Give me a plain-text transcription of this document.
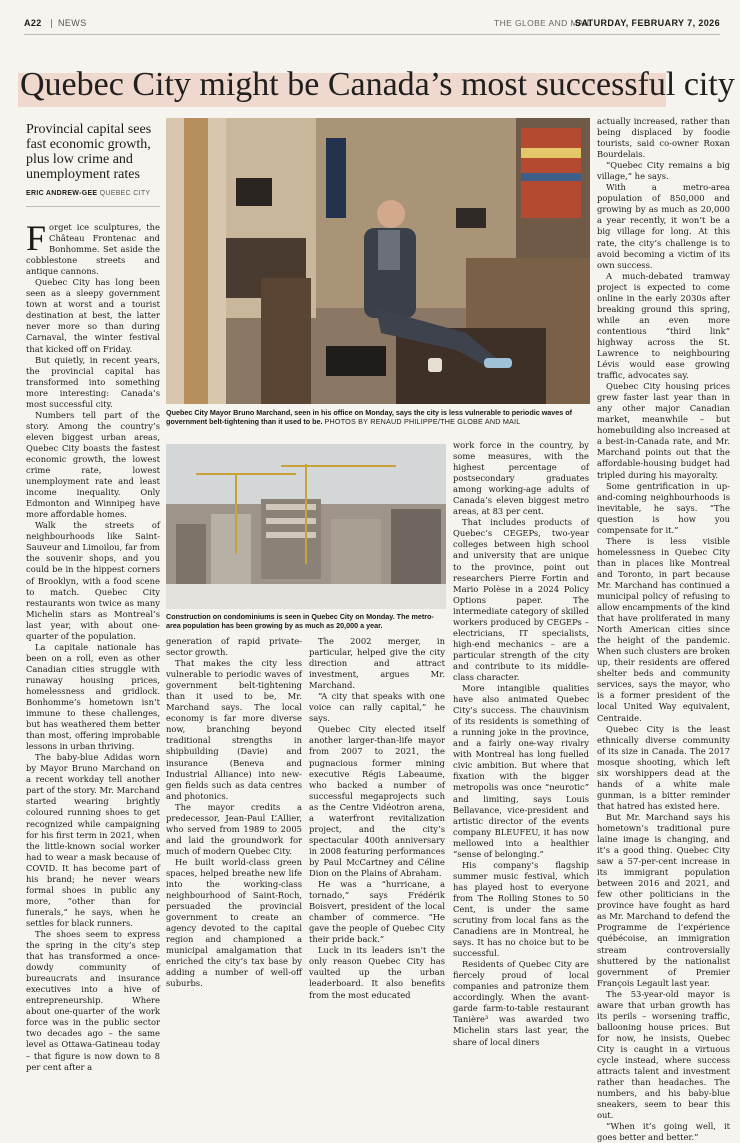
A22 NEWS	THE GLOBE AND MAIL
SATURDAY, FEBRUARY 7, 2026
Quebec City might be Canada’s most successful city
Provincial capital sees fast economic growth, plus low crime and unemployment rates
ERIC ANDREW-GEE QUEBEC CITY
Quebec City Mayor Bruno Marchand, seen in his office on Monday, says the city is less vulnerable to periodic waves of government belt-tightening than it used to be. PHOTOS BY RENAUD PHILIPPE/THE GLOBE AND MAIL
Construction on condominiums is seen in Quebec City on Monday. The metro-area population has been growing by as much as 20,000 a year.

Forget ice sculptures, the Château Frontenac and Bonhomme. Set aside the cobblestone streets and antique cannons.

Quebec City has long been seen as a sleepy government town at worst and a tourist destination at best, the latter never more so than during Carnaval, the winter festival that kicked off on Friday.

But quietly, in recent years, the provincial capital has transformed into something more interesting: Canada’s most successful city.

Numbers tell part of the story. Among the country’s eleven biggest urban areas, Quebec City boasts the fastest economic growth, the lowest crime rate, lowest unemployment rate and least income inequality. Only Edmonton and Winnipeg have more affordable homes.

Walk the streets of neighbourhoods like Saint-Sauveur and Limoilou, far from the souvenir shops, and you could be in the hippest corners of Brooklyn, with a food scene to match. Quebec City restaurants won twice as many Michelin stars as Montreal’s last year, with about one-quarter of the population.

La capitale nationale has been on a roll, even as other Canadian cities struggle with runaway housing prices, homelessness and gridlock. Bonhomme’s hometown isn’t immune to these challenges, but has weathered them better than most, offering improbable lessons in urban thriving.

The baby-blue Adidas worn by Mayor Bruno Marchand on a recent workday tell another part of the story. Mr. Marchand started wearing brightly coloured running shoes to get recognized while campaigning for his first term in 2021, when the little-known social worker had to wear a mask because of COVID. It has become part of his brand; he never wears formal shoes in public any more, “other than for funerals,” he says, when he settles for black runners.

The shoes seem to express the spring in the city’s step that has transformed a once-dowdy community of bureaucrats and insurance executives into a hive of entrepreneurship. Where about one-quarter of the work force was in the public sector two decades ago – the same level as Ottawa-Gatineau today – that figure is now down to 8 per cent after a

generation of rapid private-sector growth.

That makes the city less vulnerable to periodic waves of government belt-tightening than it used to be, Mr. Marchand says. The local economy is far more diverse now, branching beyond traditional strengths in shipbuilding (Davie) and insurance (Beneva and Industrial Alliance) into new-gen fields such as data centres and photonics.

The mayor credits a predecessor, Jean-Paul L’Allier, who served from 1989 to 2005 and laid the groundwork for much of modern Quebec City.

He built world-class green spaces, helped breathe new life into the working-class neighbourhood of Saint-Roch, persuaded the provincial government to create an agency devoted to the capital region and championed a municipal amalgamation that enriched the city’s tax base by adding a number of well-off suburbs.

The 2002 merger, in particular, helped give the city direction and attract investment, argues Mr. Marchand.

“A city that speaks with one voice can rally capital,” he says.

Quebec City elected itself another larger-than-life mayor from 2007 to 2021, the pugnacious former mining executive Régis Labeaume, who backed a number of successful megaprojects such as the Centre Vidéotron arena, a waterfront revitalization project, and the city’s spectacular 400th anniversary in 2008 featuring performances by Paul McCartney and Céline Dion on the Plains of Abraham.

He was a “hurricane, a tornado,” says Frédérik Boisvert, president of the local chamber of commerce. “He gave the people of Quebec City their pride back.”

Luck in its leaders isn’t the only reason Quebec City has vaulted up the urban leaderboard. It also benefits from the most educated

work force in the country, by some measures, with the highest percentage of postsecondary graduates among working-age adults of Canada’s eleven biggest metro areas, at 83 per cent.

That includes products of Quebec’s CEGEPs, two-year colleges between high school and university that are unique to the province, point out researchers Pierre Fortin and Mario Polèse in a 2024 Policy Options paper. The intermediate category of skilled workers produced by CEGEPs – electricians, IT specialists, high-end mechanics – are a particular strength of the city and contribute to its middle-class character.

More intangible qualities have also animated Quebec City’s success. The chauvinism of its residents is something of a running joke in the province, and a fairly one-way rivalry with Montreal has long fuelled civic ambition. But where that fixation with the bigger metropolis was once “neurotic” and limiting, says Louis Bellavance, vice-president and artistic director of the events company BLEUFEU, it has now mellowed into a healthier “sense of belonging.”

His company’s flagship summer music festival, which has played host to everyone from The Rolling Stones to 50 Cent, is under the same scrutiny from local fans as the Canadiens are in Montreal, he says. It has no choice but to be successful.

Residents of Quebec City are fiercely proud of local companies and patronize them accordingly. When the avant-garde farm-to-table restaurant Tanière³ was awarded two Michelin stars last year, the share of local diners

actually increased, rather than being displaced by foodie tourists, said co-owner Roxan Bourdelais.

“Quebec City remains a big village,” he says.

With a metro-area population of 850,000 and growing by as much as 20,000 a year recently, it won’t be a big village for long. At this rate, the city’s challenge is to avoid becoming a victim of its own success.

A much-debated tramway project is expected to come online in the early 2030s after breaking ground this spring, while an even more contentious “third link” highway across the St. Lawrence to neighbouring Lévis would ease growing traffic, advocates say.

Quebec City housing prices grew faster last year than in any other major Canadian market, meanwhile – but homebuilding also increased at a best-in-Canada rate, and Mr. Marchand points out that the affordable-housing budget had tripled during his mayoralty.

Some gentrification in up-and-coming neighbourhoods is inevitable, he says. “The question is how you compensate for it.”

There is less visible homelessness in Quebec City than in places like Montreal and Toronto, in part because Mr. Marchand has continued a municipal policy of refusing to allow encampments of the kind that have proliferated in many North American cities since the height of the pandemic. When such clusters are broken up, their residents are offered shelter beds and community services, says the mayor, who is a former president of the local United Way equivalent, Centraide.

Quebec City is the least ethnically diverse community of its size in Canada. The 2017 mosque shooting, which left six worshippers dead at the hands of a white male gunman, is a bitter reminder that hatred has existed here.

But Mr. Marchand says his hometown’s traditional pure laine image is changing, and it’s a good thing. Quebec City saw a 57-per-cent increase in its immigrant population between 2016 and 2021, and few other politicians in the province have fought as hard as Mr. Marchand to defend the Programme de l’expérience québécoise, an immigration stream controversially shuttered by the nationalist government of Premier François Legault last year.

The 53-year-old mayor is aware that urban growth has its perils – worsening traffic, ballooning house prices. But for now, he insists, Quebec City is caught in a virtuous cycle instead, where success attracts talent and investment rather than headaches. The numbers, and his baby-blue sneakers, seem to bear this out.

“When it’s going well, it goes better and better.”
